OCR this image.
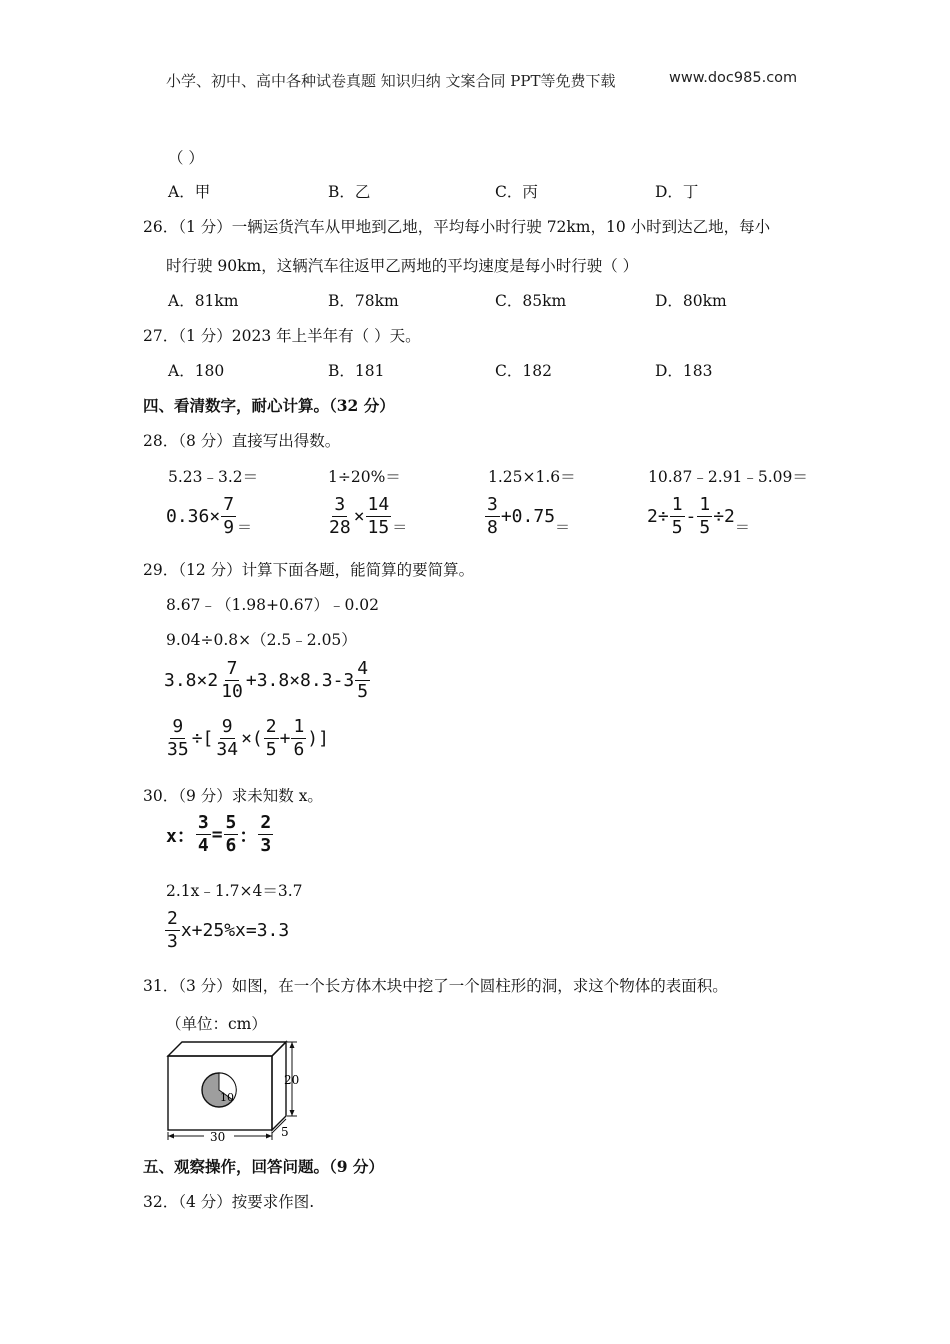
小学、初中、高中各种试卷真题 知识归纳 文案合同 PPT等免费下载	www.doc985.com
（ ）
A．甲	B．乙	C．丙	D．丁
26．（1 分）一辆运货汽车从甲地到乙地，平均每小时行驶 72km，10 小时到达乙地，每小
时行驶 90km，这辆汽车往返甲乙两地的平均速度是每小时行驶（ ）
A．81km	B．78km	C．85km	D．80km
27．（1 分）2023 年上半年有（ ）天。
A．180	B．181	C．182	D．183
四、看清数字，耐心计算。（32 分）
28．（8 分）直接写出得数。
5.23﹣3.2＝	1÷20%＝	1.25×1.6＝	10.87﹣2.91﹣5.09＝
$0.36\times \frac{7}{9}$ ＝	$\frac{3}{28} \times \frac{14}{15}$ ＝	$\frac{3}{8} +0.75$ ＝	$2\div \frac{1}{5} - \frac{1}{5} \div 2$ ＝
29．（12 分）计算下面各题，能简算的要简算。
8.67﹣（1.98+0.67）﹣0.02
9.04÷0.8×（2.5﹣2.05）
$3.8\times 2 \frac{7}{10} +3.8\times 8.3-3 \frac{4}{5}$
$\frac{9}{35}$ ÷[ $\frac{9}{34}$ ×( $\frac{2}{5} + \frac{1}{6}$ )]
30．（9 分）求未知数 x。
x： $\frac{3}{4} = \frac{5}{6}$ ： $\frac{2}{3}$
2.1x﹣1.7×4＝3.7
$\frac{2}{3} x+25\%x=3.3$
31．（3 分）如图，在一个长方体木块中挖了一个圆柱形的洞，求这个物体的表面积。
（单位：cm）
10
20
30	5
五、观察操作，回答问题。（9 分）
32．（4 分）按要求作图.
